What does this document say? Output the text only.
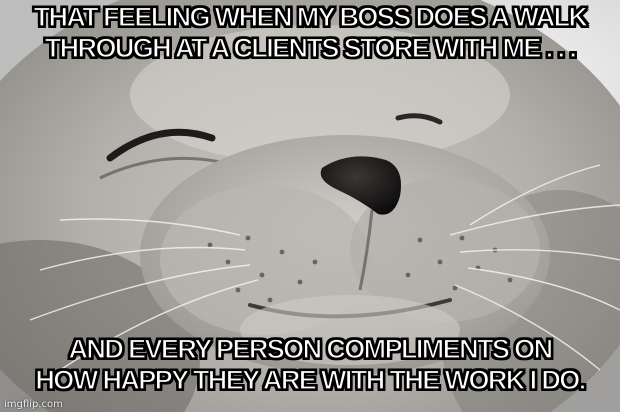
THAT FEELING WHEN MY BOSS DOES A WALK
THROUGH AT A CLIENTS STORE WITH ME . . .
AND EVERY PERSON COMPLIMENTS ON
HOW HAPPY THEY ARE WITH THE WORK I DO.
imgflip.com
